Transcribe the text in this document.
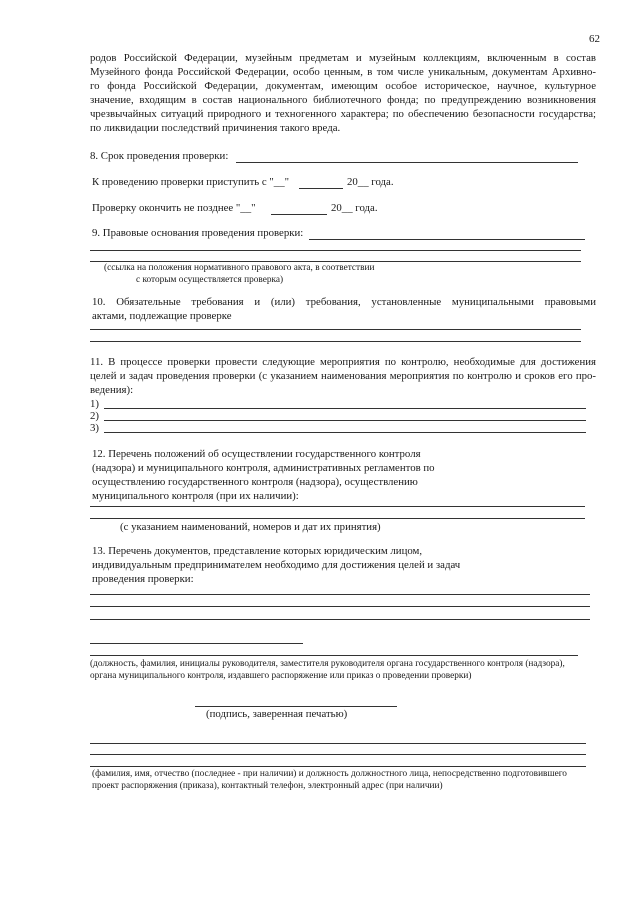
62
родов Российской Федерации, музейным предметам и музейным коллекциям, включенным в состав
Музейного фонда Российской Федерации, особо ценным, в том числе уникальным, документам Архивно-
го фонда Российской Федерации, документам, имеющим особое историческое, научное, культурное
значение, входящим в состав национального библиотечного фонда; по предупреждению возникновения
чрезвычайных ситуаций природного и техногенного характера; по обеспечению безопасности государства;
по ликвидации последствий причинения такого вреда.
8. Срок проведения проверки:
К проведению проверки приступить с "__"	20__ года.
Проверку окончить не позднее "__"	20__ года.
9. Правовые основания проведения проверки:
(ссылка на положения нормативного правового акта, в соответствии
с которым осуществляется проверка)
10. Обязательные требования и (или) требования, установленные муниципальными правовыми
актами, подлежащие проверке
11. В процессе проверки провести следующие мероприятия по контролю, необходимые для достижения
целей и задач проведения проверки (с указанием наименования мероприятия по контролю и сроков его про-
ведения):
1)
2)
3)
12. Перечень положений об осуществлении государственного контроля
(надзора) и муниципального контроля, административных регламентов по
осуществлению государственного контроля (надзора), осуществлению
муниципального контроля (при их наличии):
(с указанием наименований, номеров и дат их принятия)
13. Перечень документов, представление которых юридическим лицом,
индивидуальным предпринимателем необходимо для достижения целей и задач
проведения проверки:
(должность, фамилия, инициалы руководителя, заместителя руководителя органа государственного контроля (надзора),
органа муниципального контроля, издавшего распоряжение или приказ о проведении проверки)
(подпись, заверенная печатью)
(фамилия, имя, отчество (последнее - при наличии) и должность должностного лица, непосредственно подготовившего
проект распоряжения (приказа), контактный телефон, электронный адрес (при наличии)
